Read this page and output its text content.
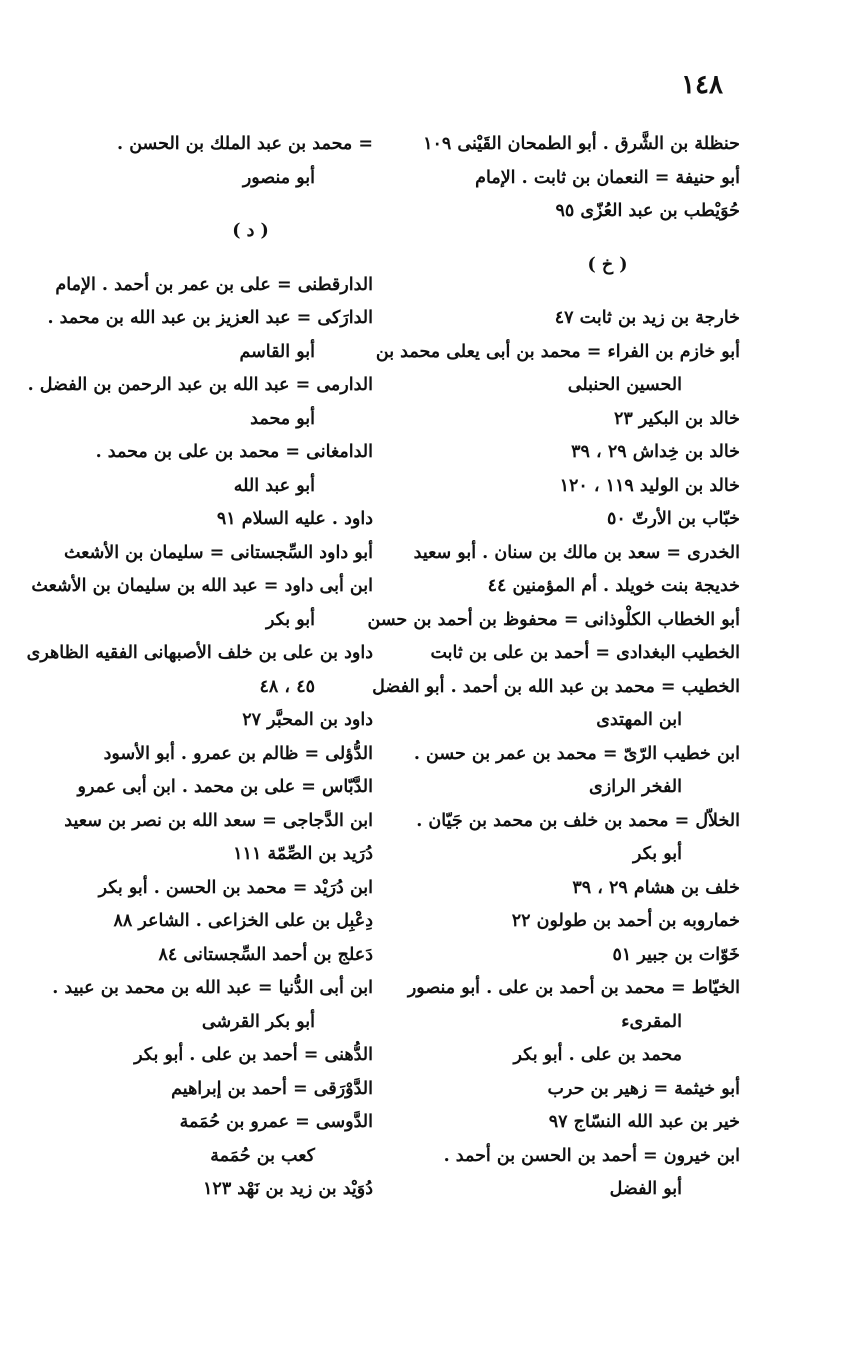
١٤٨
حنظلة بن الشَّرق . أبو الطمحان القَيْنى ١٠٩
أبو حنيفة = النعمان بن ثابت . الإمام
حُوَيْطب بن عبد العُزّى ٩٥
( خ )
خارجة بن زيد بن ثابت ٤٧
أبو خازم بن الفراء = محمد بن أبى يعلى محمد بن
الحسين الحنبلى
خالد بن البكير ٢٣
خالد بن خِداش ٢٩ ، ٣٩
خالد بن الوليد ١١٩ ، ١٢٠
خبّاب بن الأرتّ ٥٠
الخدرى = سعد بن مالك بن سنان . أبو سعيد
خديجة بنت خويلد . أم المؤمنين ٤٤
أبو الخطاب الكلْوذانى = محفوظ بن أحمد بن حسن
الخطيب البغدادى = أحمد بن على بن ثابت
الخطيب = محمد بن عبد الله بن أحمد . أبو الفضل
ابن المهتدى
ابن خطيب الرّىّ = محمد بن عمر بن حسن .
الفخر الرازى
الخلاّل = محمد بن خلف بن محمد بن جَيّان .
أبو بكر
خلف بن هشام ٢٩ ، ٣٩
خماروبه بن أحمد بن طولون ٢٢
خَوّات بن جبير ٥١
الخيّاط = محمد بن أحمد بن على . أبو منصور
المقرىء
محمد بن على . أبو بكر
أبو خيثمة = زهير بن حرب
خير بن عبد الله النسّاج ٩٧
ابن خيرون = أحمد بن الحسن بن أحمد .
أبو الفضل
= محمد بن عبد الملك بن الحسن .
أبو منصور
( د )
الدارقطنى = على بن عمر بن أحمد . الإمام
الدارَكى = عبد العزيز بن عبد الله بن محمد .
أبو القاسم
الدارمى = عبد الله بن عبد الرحمن بن الفضل .
أبو محمد
الدامغانى = محمد بن على بن محمد .
أبو عبد الله
داود . عليه السلام ٩١
أبو داود السِّجستانى = سليمان بن الأشعث
ابن أبى داود = عبد الله بن سليمان بن الأشعث
أبو بكر
داود بن على بن خلف الأصبهانى الفقيه الظاهرى
٤٥ ، ٤٨
داود بن المحبَّر ٢٧
الدُّؤلى = ظالم بن عمرو . أبو الأسود
الدَّبّاس = على بن محمد . ابن أبى عمرو
ابن الدَّجاجى = سعد الله بن نصر بن سعيد
دُرَيد بن الصِّمّة ١١١
ابن دُرَيْد = محمد بن الحسن . أبو بكر
دِعْبِل بن على الخزاعى . الشاعر ٨٨
دَعلج بن أحمد السِّجستانى ٨٤
ابن أبى الدُّنيا = عبد الله بن محمد بن عبيد .
أبو بكر القرشى
الدُّهنى = أحمد بن على . أبو بكر
الدَّوْرَقى = أحمد بن إبراهيم
الدَّوسى = عمرو بن حُمَمة
كعب بن حُمَمة
دُوَيْد بن زيد بن نَهْد ١٢٣
